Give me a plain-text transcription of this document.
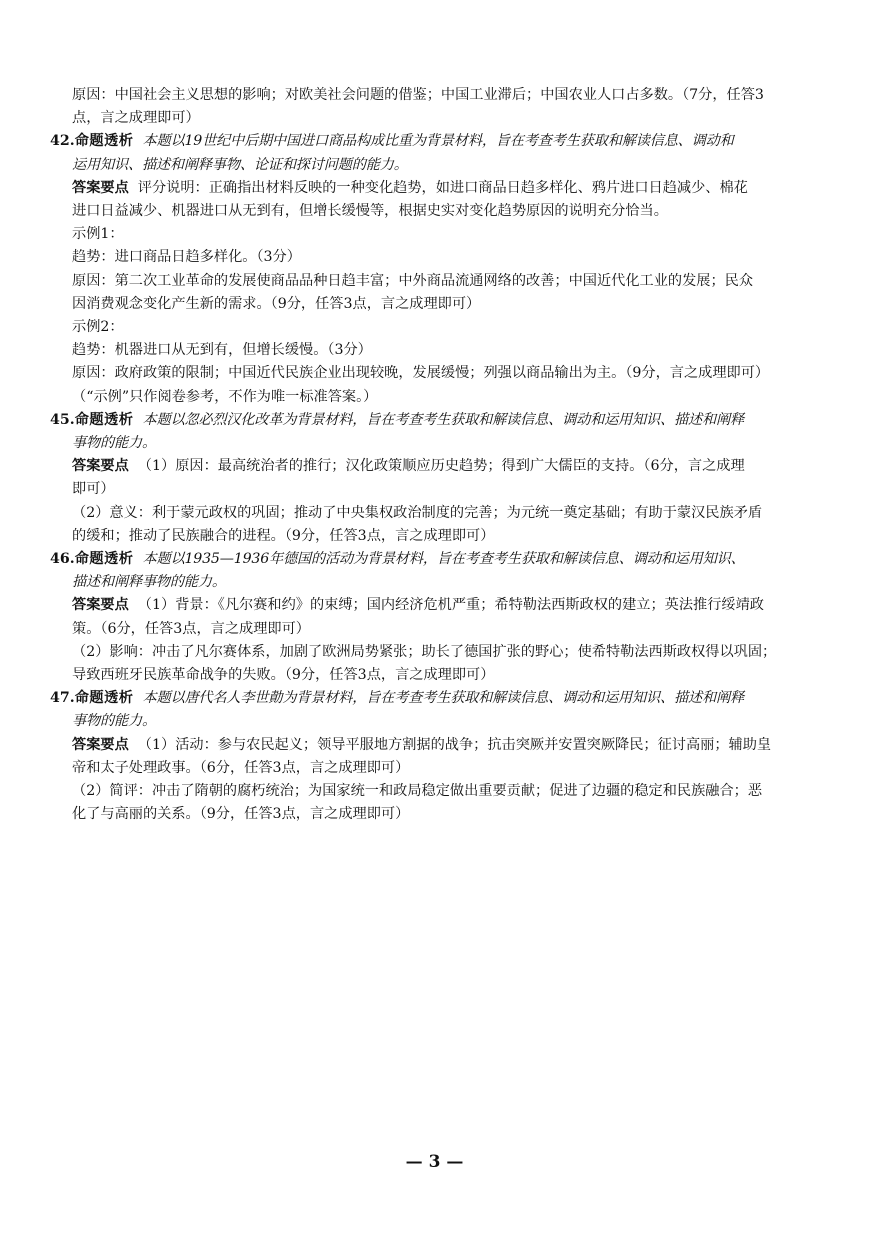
原因：中国社会主义思想的影响；对欧美社会问题的借鉴；中国工业滞后；中国农业人口占多数。（7分，任答3
点，言之成理即可）
42.命题透析 本题以19世纪中后期中国进口商品构成比重为背景材料，旨在考查考生获取和解读信息、调动和
运用知识、描述和阐释事物、论证和探讨问题的能力。
答案要点 评分说明：正确指出材料反映的一种变化趋势，如进口商品日趋多样化、鸦片进口日趋减少、棉花
进口日益减少、机器进口从无到有，但增长缓慢等，根据史实对变化趋势原因的说明充分恰当。
示例1：
趋势：进口商品日趋多样化。（3分）
原因：第二次工业革命的发展使商品品种日趋丰富；中外商品流通网络的改善；中国近代化工业的发展；民众
因消费观念变化产生新的需求。（9分，任答3点，言之成理即可）
示例2：
趋势：机器进口从无到有，但增长缓慢。（3分）
原因：政府政策的限制；中国近代民族企业出现较晚，发展缓慢；列强以商品输出为主。（9分，言之成理即可）
（“示例”只作阅卷参考，不作为唯一标准答案。）
45.命题透析 本题以忽必烈汉化改革为背景材料，旨在考查考生获取和解读信息、调动和运用知识、描述和阐释
事物的能力。
答案要点 （1）原因：最高统治者的推行；汉化政策顺应历史趋势；得到广大儒臣的支持。（6分，言之成理
即可）
（2）意义：利于蒙元政权的巩固；推动了中央集权政治制度的完善；为元统一奠定基础；有助于蒙汉民族矛盾
的缓和；推动了民族融合的进程。（9分，任答3点，言之成理即可）
46.命题透析 本题以1935—1936年德国的活动为背景材料，旨在考查考生获取和解读信息、调动和运用知识、
描述和阐释事物的能力。
答案要点 （1）背景：《凡尔赛和约》的束缚；国内经济危机严重；希特勒法西斯政权的建立；英法推行绥靖政
策。（6分，任答3点，言之成理即可）
（2）影响：冲击了凡尔赛体系，加剧了欧洲局势紧张；助长了德国扩张的野心；使希特勒法西斯政权得以巩固；
导致西班牙民族革命战争的失败。（9分，任答3点，言之成理即可）
47.命题透析 本题以唐代名人李世勣为背景材料，旨在考查考生获取和解读信息、调动和运用知识、描述和阐释
事物的能力。
答案要点 （1）活动：参与农民起义；领导平服地方割据的战争；抗击突厥并安置突厥降民；征讨高丽；辅助皇
帝和太子处理政事。（6分，任答3点，言之成理即可）
（2）简评：冲击了隋朝的腐朽统治；为国家统一和政局稳定做出重要贡献；促进了边疆的稳定和民族融合；恶
化了与高丽的关系。（9分，任答3点，言之成理即可）
— 3 —
